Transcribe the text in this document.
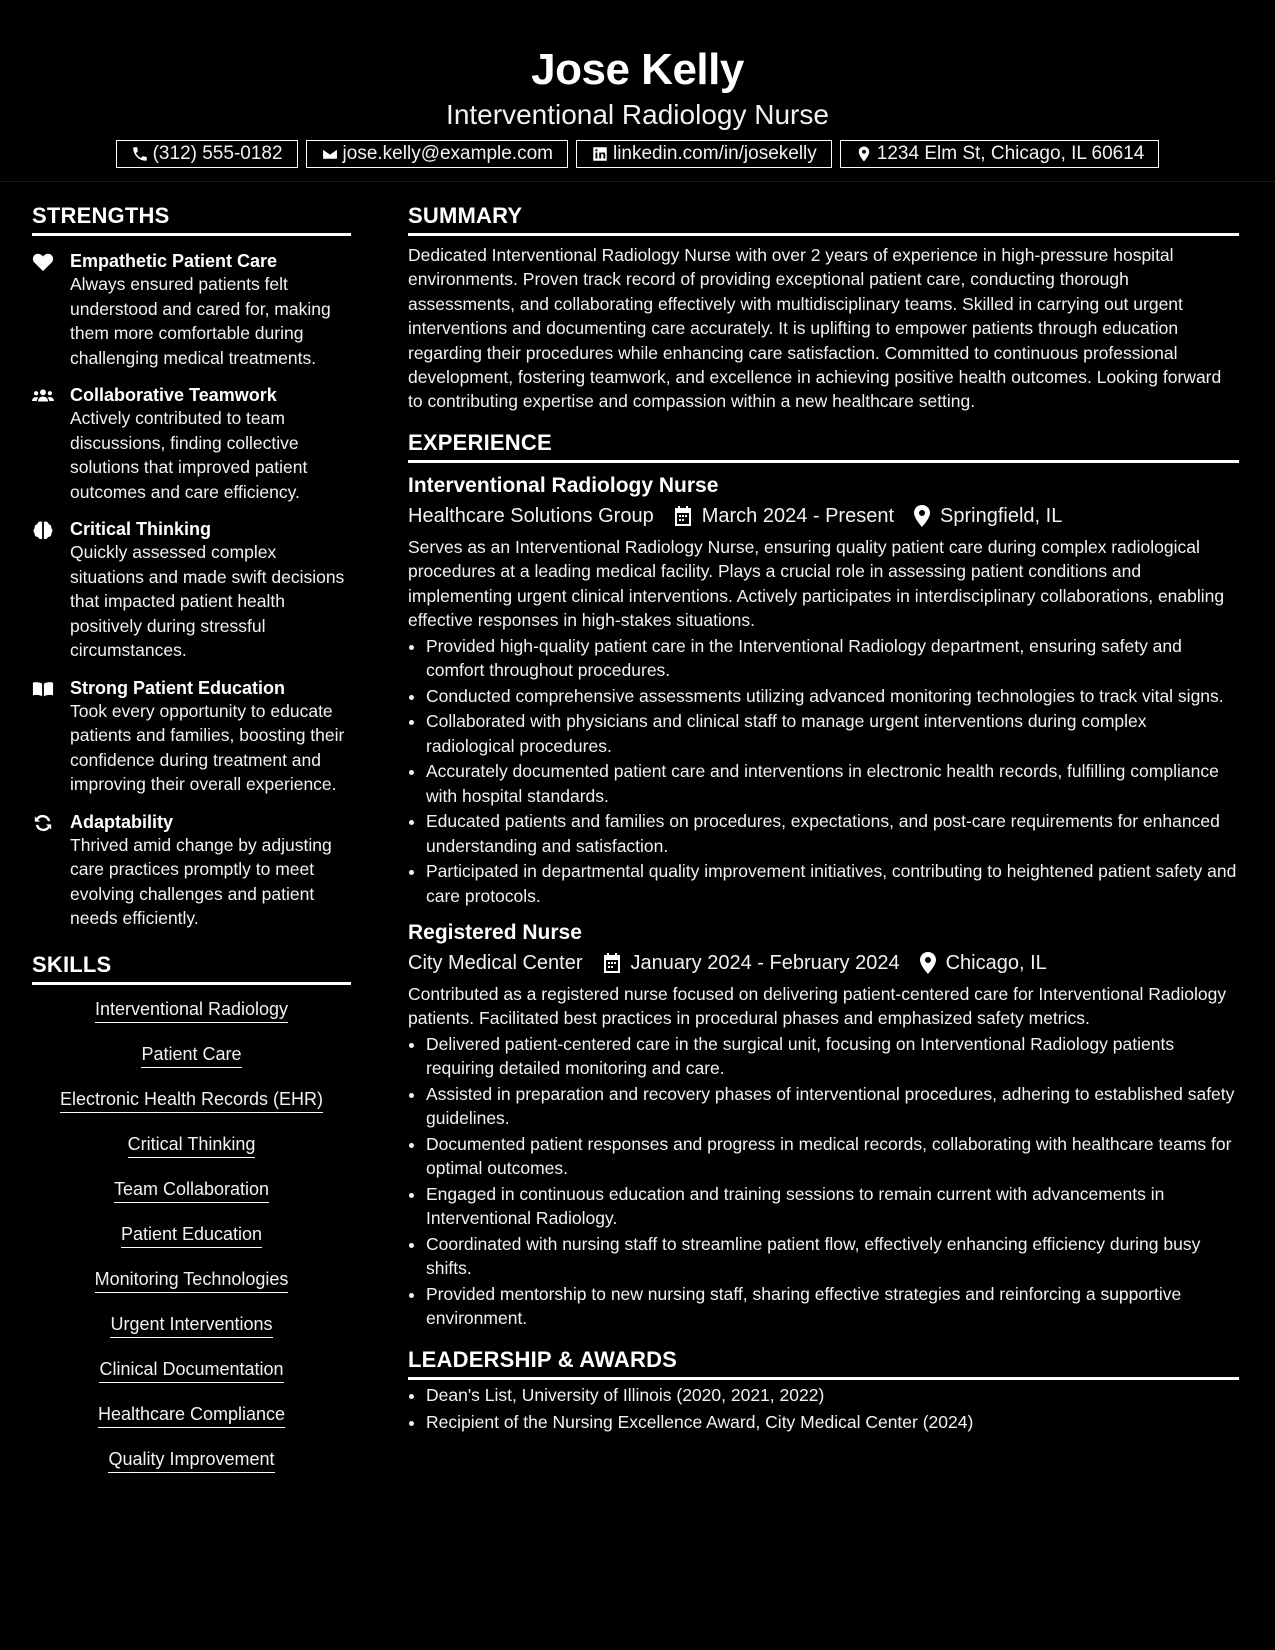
Jose Kelly
Interventional Radiology Nurse
(312) 555-0182	jose.kelly@example.com	linkedin.com/in/josekelly	1234 Elm St, Chicago, IL 60614
STRENGTHS
Empathetic Patient Care
Always ensured patients felt understood and cared for, making them more comfortable during challenging medical treatments.
Collaborative Teamwork
Actively contributed to team discussions, finding collective solutions that improved patient outcomes and care efficiency.
Critical Thinking
Quickly assessed complex situations and made swift decisions that impacted patient health positively during stressful circumstances.
Strong Patient Education
Took every opportunity to educate patients and families, boosting their confidence during treatment and improving their overall experience.
Adaptability
Thrived amid change by adjusting care practices promptly to meet evolving challenges and patient needs efficiently.
SKILLS
Interventional Radiology
Patient Care
Electronic Health Records (EHR)
Critical Thinking
Team Collaboration
Patient Education
Monitoring Technologies
Urgent Interventions
Clinical Documentation
Healthcare Compliance
Quality Improvement
SUMMARY
Dedicated Interventional Radiology Nurse with over 2 years of experience in high-pressure hospital environments. Proven track record of providing exceptional patient care, conducting thorough assessments, and collaborating effectively with multidisciplinary teams. Skilled in carrying out urgent interventions and documenting care accurately. It is uplifting to empower patients through education regarding their procedures while enhancing care satisfaction. Committed to continuous professional development, fostering teamwork, and excellence in achieving positive health outcomes. Looking forward to contributing expertise and compassion within a new healthcare setting.
EXPERIENCE
Interventional Radiology Nurse
Healthcare Solutions Group March 2024 - Present Springfield, IL
Serves as an Interventional Radiology Nurse, ensuring quality patient care during complex radiological procedures at a leading medical facility. Plays a crucial role in assessing patient conditions and implementing urgent clinical interventions. Actively participates in interdisciplinary collaborations, enabling effective responses in high-stakes situations.
• Provided high-quality patient care in the Interventional Radiology department, ensuring safety and comfort throughout procedures.
• Conducted comprehensive assessments utilizing advanced monitoring technologies to track vital signs.
• Collaborated with physicians and clinical staff to manage urgent interventions during complex radiological procedures.
• Accurately documented patient care and interventions in electronic health records, fulfilling compliance with hospital standards.
• Educated patients and families on procedures, expectations, and post-care requirements for enhanced understanding and satisfaction.
• Participated in departmental quality improvement initiatives, contributing to heightened patient safety and care protocols.
Registered Nurse
City Medical Center January 2024 - February 2024 Chicago, IL
Contributed as a registered nurse focused on delivering patient-centered care for Interventional Radiology patients. Facilitated best practices in procedural phases and emphasized safety metrics.
• Delivered patient-centered care in the surgical unit, focusing on Interventional Radiology patients requiring detailed monitoring and care.
• Assisted in preparation and recovery phases of interventional procedures, adhering to established safety guidelines.
• Documented patient responses and progress in medical records, collaborating with healthcare teams for optimal outcomes.
• Engaged in continuous education and training sessions to remain current with advancements in Interventional Radiology.
• Coordinated with nursing staff to streamline patient flow, effectively enhancing efficiency during busy shifts.
• Provided mentorship to new nursing staff, sharing effective strategies and reinforcing a supportive environment.
LEADERSHIP & AWARDS
• Dean's List, University of Illinois (2020, 2021, 2022)
• Recipient of the Nursing Excellence Award, City Medical Center (2024)
